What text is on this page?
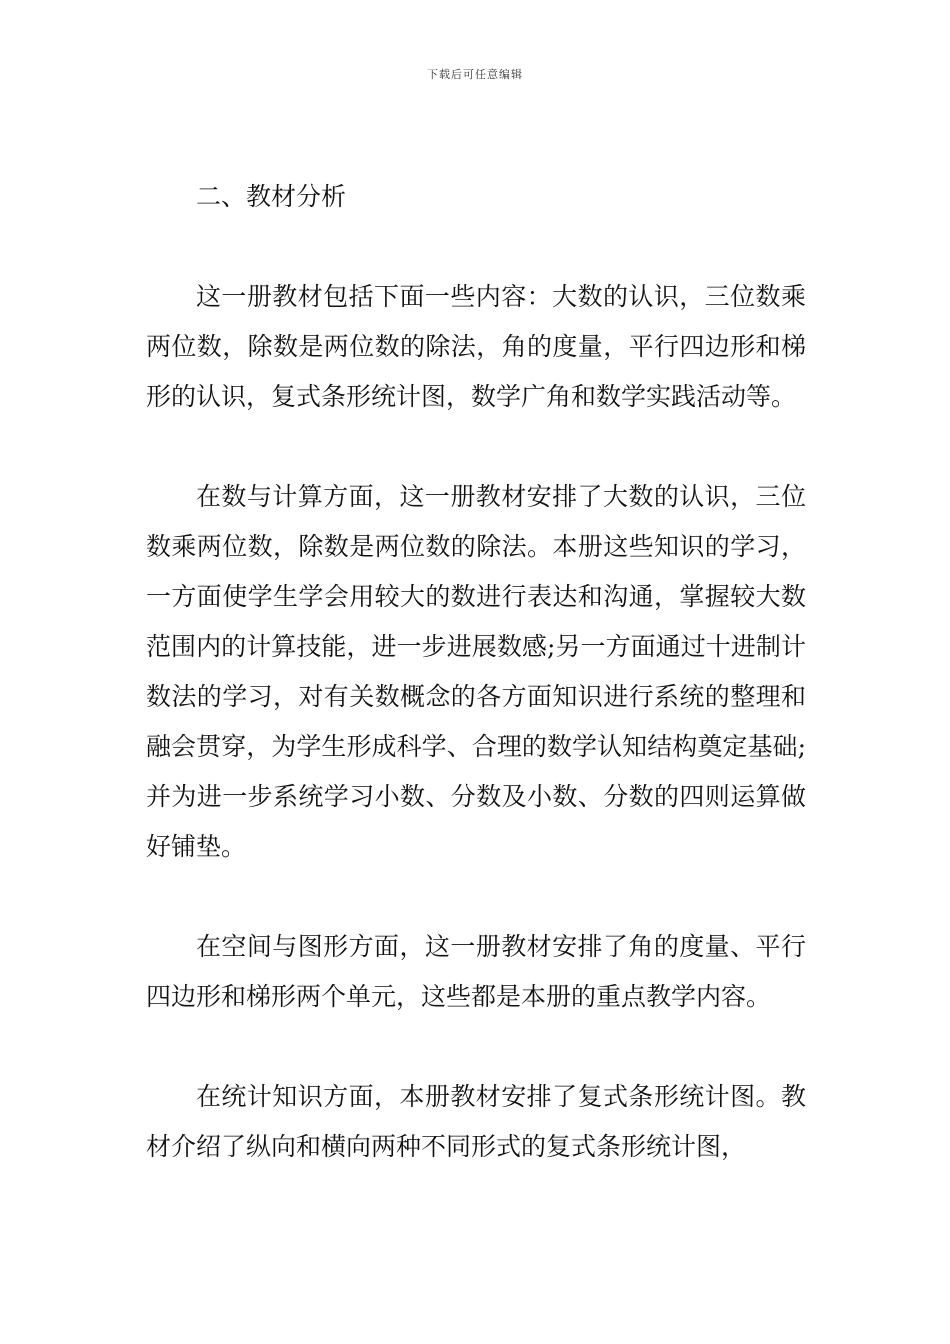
下载后可任意编辑

二、教材分析

这一册教材包括下面一些内容：大数的认识，三位数乘两位数，除数是两位数的除法，角的度量，平行四边形和梯形的认识，复式条形统计图，数学广角和数学实践活动等。

在数与计算方面，这一册教材安排了大数的认识，三位数乘两位数，除数是两位数的除法。本册这些知识的学习，一方面使学生学会用较大的数进行表达和沟通，掌握较大数范围内的计算技能，进一步进展数感;另一方面通过十进制计数法的学习，对有关数概念的各方面知识进行系统的整理和融会贯穿，为学生形成科学、合理的数学认知结构奠定基础;并为进一步系统学习小数、分数及小数、分数的四则运算做好铺垫。

在空间与图形方面，这一册教材安排了角的度量、平行四边形和梯形两个单元，这些都是本册的重点教学内容。

在统计知识方面，本册教材安排了复式条形统计图。教材介绍了纵向和横向两种不同形式的复式条形统计图，
